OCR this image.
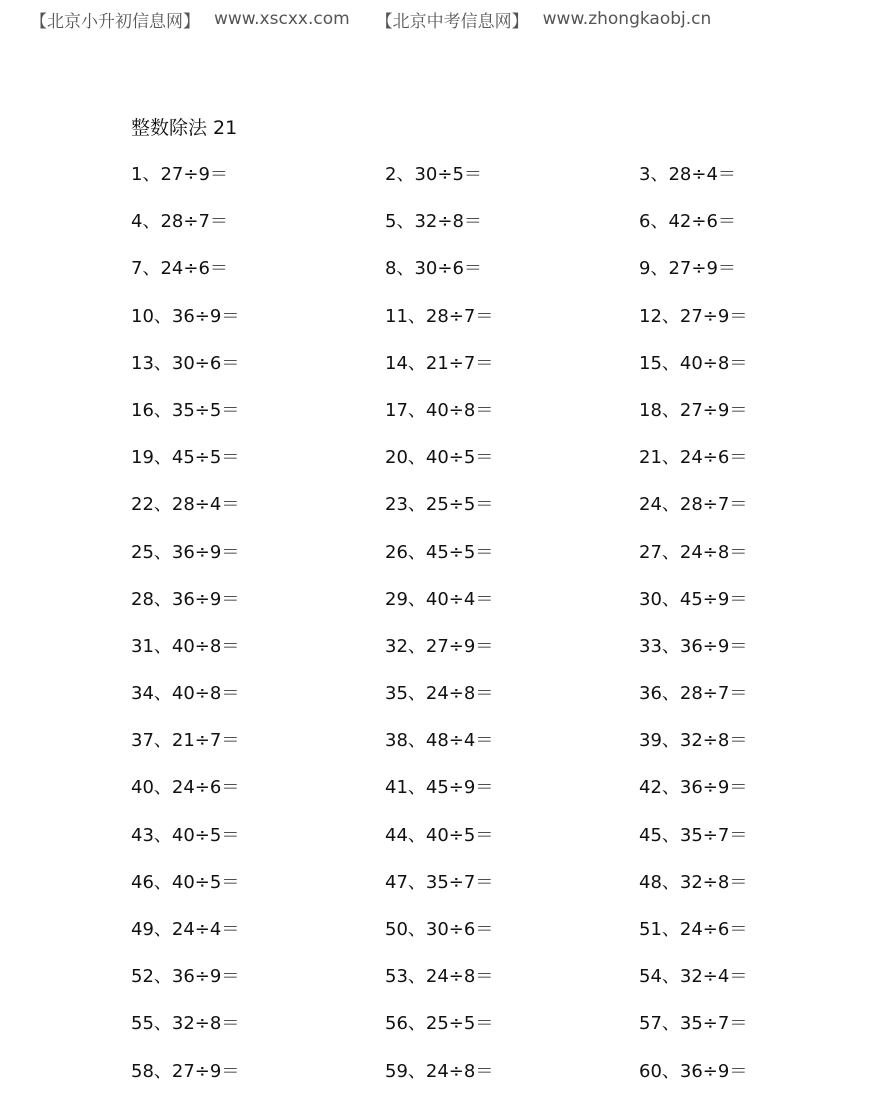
【北京小升初信息网】 www.xscxx.com 【北京中考信息网】 www.zhongkaobj.cn
整数除法 21
1、27÷9＝	2、30÷5＝	3、28÷4＝
4、28÷7＝	5、32÷8＝	6、42÷6＝
7、24÷6＝	8、30÷6＝	9、27÷9＝
10、36÷9＝	11、28÷7＝	12、27÷9＝
13、30÷6＝	14、21÷7＝	15、40÷8＝
16、35÷5＝	17、40÷8＝	18、27÷9＝
19、45÷5＝	20、40÷5＝	21、24÷6＝
22、28÷4＝	23、25÷5＝	24、28÷7＝
25、36÷9＝	26、45÷5＝	27、24÷8＝
28、36÷9＝	29、40÷4＝	30、45÷9＝
31、40÷8＝	32、27÷9＝	33、36÷9＝
34、40÷8＝	35、24÷8＝	36、28÷7＝
37、21÷7＝	38、48÷4＝	39、32÷8＝
40、24÷6＝	41、45÷9＝	42、36÷9＝
43、40÷5＝	44、40÷5＝	45、35÷7＝
46、40÷5＝	47、35÷7＝	48、32÷8＝
49、24÷4＝	50、30÷6＝	51、24÷6＝
52、36÷9＝	53、24÷8＝	54、32÷4＝
55、32÷8＝	56、25÷5＝	57、35÷7＝
58、27÷9＝	59、24÷8＝	60、36÷9＝
